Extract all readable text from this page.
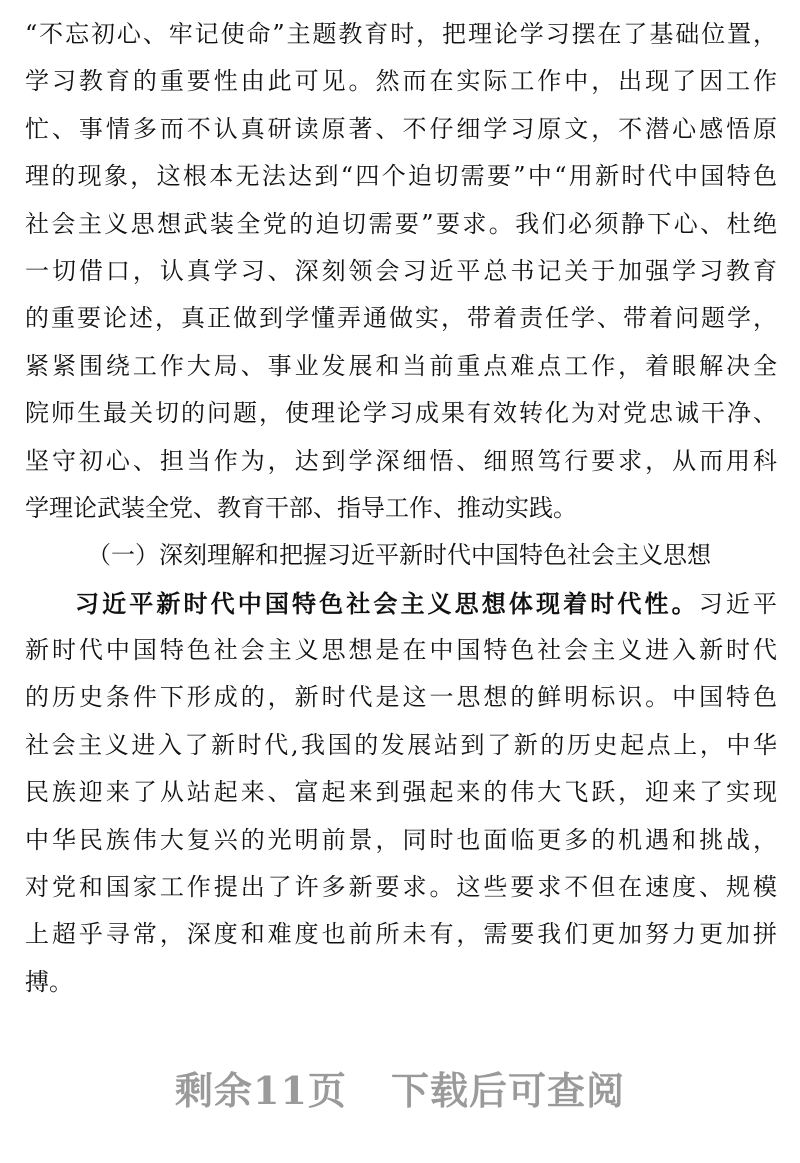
“不忘初心、牢记使命”主题教育时，把理论学习摆在了基础位置，
学习教育的重要性由此可见。然而在实际工作中，出现了因工作
忙、事情多而不认真研读原著、不仔细学习原文，不潜心感悟原
理的现象，这根本无法达到“四个迫切需要”中“用新时代中国特色
社会主义思想武装全党的迫切需要”要求。我们必须静下心、杜绝
一切借口，认真学习、深刻领会习近平总书记关于加强学习教育
的重要论述，真正做到学懂弄通做实，带着责任学、带着问题学，
紧紧围绕工作大局、事业发展和当前重点难点工作，着眼解决全
院师生最关切的问题，使理论学习成果有效转化为对党忠诚干净、
坚守初心、担当作为，达到学深细悟、细照笃行要求，从而用科
学理论武装全党、教育干部、指导工作、推动实践。
（一）深刻理解和把握习近平新时代中国特色社会主义思想
习近平新时代中国特色社会主义思想体现着时代性。习近平
新时代中国特色社会主义思想是在中国特色社会主义进入新时代
的历史条件下形成的，新时代是这一思想的鲜明标识。中国特色
社会主义进入了新时代,我国的发展站到了新的历史起点上，中华
民族迎来了从站起来、富起来到强起来的伟大飞跃，迎来了实现
中华民族伟大复兴的光明前景，同时也面临更多的机遇和挑战，
对党和国家工作提出了许多新要求。这些要求不但在速度、规模
上超乎寻常，深度和难度也前所未有，需要我们更加努力更加拼
搏。
剩余11页 下载后可查阅
